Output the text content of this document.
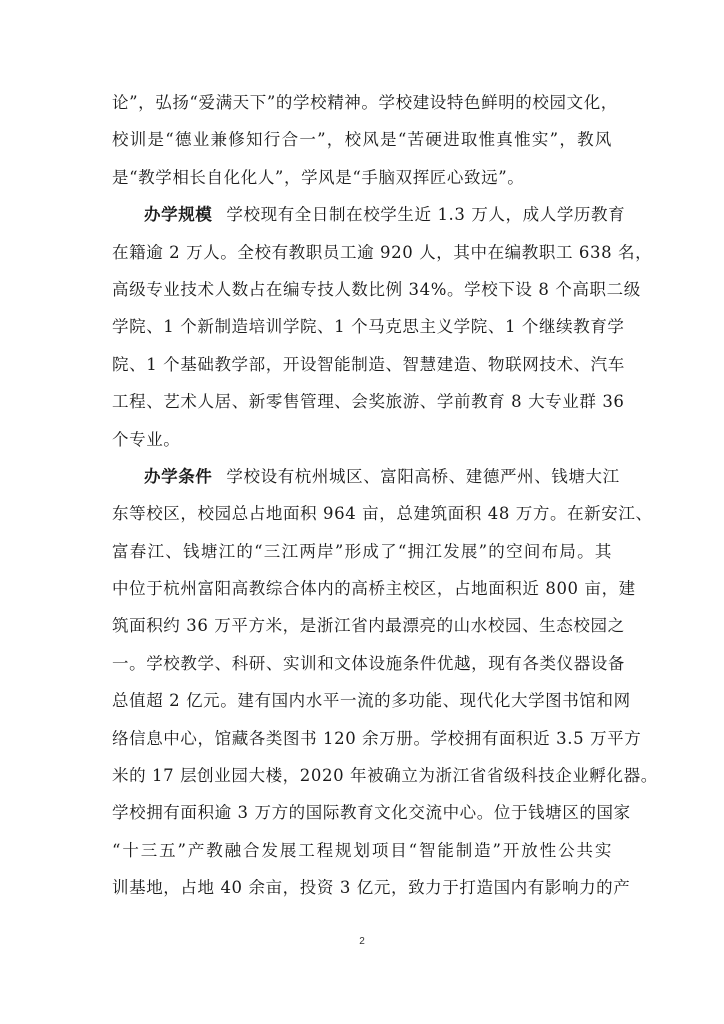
论”，弘扬“爱满天下”的学校精神。学校建设特色鲜明的校园文化，
校训是“德业兼修知行合一”，校风是“苦硬进取惟真惟实”，教风
是“教学相长自化化人”，学风是“手脑双挥匠心致远”。
办学规模 学校现有全日制在校学生近 1.3 万人，成人学历教育
在籍逾 2 万人。全校有教职员工逾 920 人，其中在编教职工 638 名，
高级专业技术人数占在编专技人数比例 34%。学校下设 8 个高职二级
学院、1 个新制造培训学院、1 个马克思主义学院、1 个继续教育学
院、1 个基础教学部，开设智能制造、智慧建造、物联网技术、汽车
工程、艺术人居、新零售管理、会奖旅游、学前教育 8 大专业群 36
个专业。
办学条件 学校设有杭州城区、富阳高桥、建德严州、钱塘大江
东等校区，校园总占地面积 964 亩，总建筑面积 48 万方。在新安江、
富春江、钱塘江的“三江两岸”形成了“拥江发展”的空间布局。其
中位于杭州富阳高教综合体内的高桥主校区，占地面积近 800 亩，建
筑面积约 36 万平方米，是浙江省内最漂亮的山水校园、生态校园之
一。学校教学、科研、实训和文体设施条件优越，现有各类仪器设备
总值超 2 亿元。建有国内水平一流的多功能、现代化大学图书馆和网
络信息中心，馆藏各类图书 120 余万册。学校拥有面积近 3.5 万平方
米的 17 层创业园大楼，2020 年被确立为浙江省省级科技企业孵化器。
学校拥有面积逾 3 万方的国际教育文化交流中心。位于钱塘区的国家
“十三五”产教融合发展工程规划项目“智能制造”开放性公共实
训基地，占地 40 余亩，投资 3 亿元，致力于打造国内有影响力的产
2
